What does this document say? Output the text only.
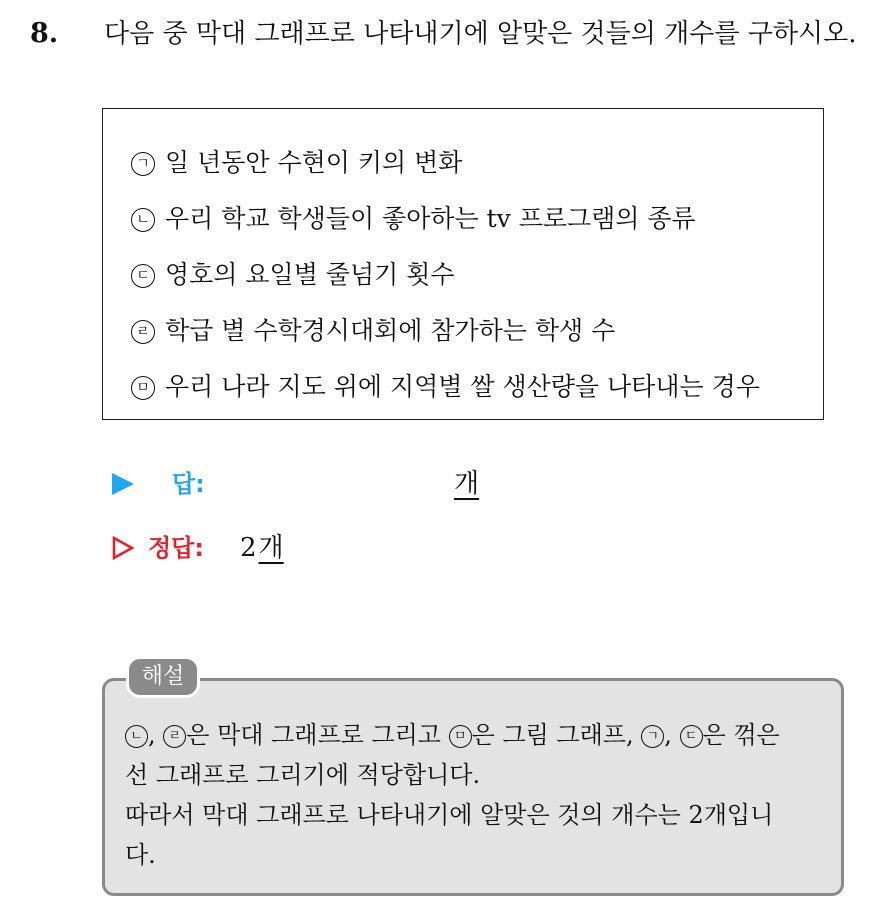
8. 다음 중 막대 그래프로 나타내기에 알맞은 것들의 개수를 구하시오.
ㄱ 일 년동안 수현이 키의 변화
ㄴ 우리 학교 학생들이 좋아하는 tv 프로그램의 종류
ㄷ 영호의 요일별 줄넘기 횟수
ㄹ 학급 별 수학경시대회에 참가하는 학생 수
ㅁ 우리 나라 지도 위에 지역별 쌀 생산량을 나타내는 경우
답:	개
정답: 2개
ㄴ , ㄹ 은 막대 그래프로 그리고 ㅁ 은 그림 그래프, ㄱ , ㄷ 은 꺾은
선 그래프로 그리기에 적당합니다.
따라서 막대 그래프로 나타내기에 알맞은 것의 개수는 2개입니
다.
해설
